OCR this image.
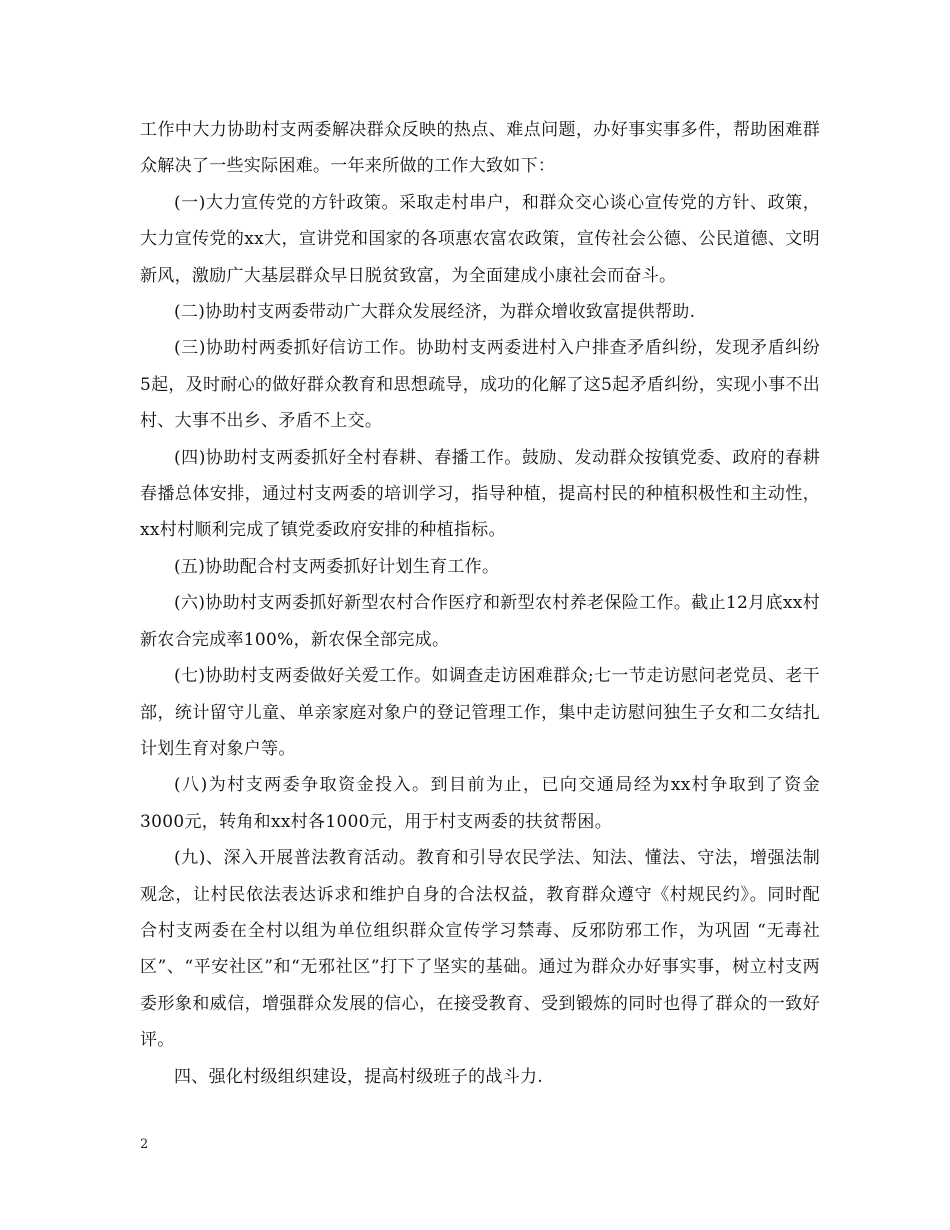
工作中大力协助村支两委解决群众反映的热点、难点问题，办好事实事多件，帮助困难群众解决了一些实际困难。一年来所做的工作大致如下：

(一)大力宣传党的方针政策。采取走村串户，和群众交心谈心宣传党的方针、政策，大力宣传党的xx大，宣讲党和国家的各项惠农富农政策，宣传社会公德、公民道德、文明新风，激励广大基层群众早日脱贫致富，为全面建成小康社会而奋斗。

(二)协助村支两委带动广大群众发展经济，为群众增收致富提供帮助.

(三)协助村两委抓好信访工作。协助村支两委进村入户排查矛盾纠纷，发现矛盾纠纷5起，及时耐心的做好群众教育和思想疏导，成功的化解了这5起矛盾纠纷，实现小事不出村、大事不出乡、矛盾不上交。

(四)协助村支两委抓好全村春耕、春播工作。鼓励、发动群众按镇党委、政府的春耕春播总体安排，通过村支两委的培训学习，指导种植，提高村民的种植积极性和主动性，xx村村顺利完成了镇党委政府安排的种植指标。

(五)协助配合村支两委抓好计划生育工作。

(六)协助村支两委抓好新型农村合作医疗和新型农村养老保险工作。截止12月底xx村新农合完成率100%，新农保全部完成。

(七)协助村支两委做好关爱工作。如调查走访困难群众;七一节走访慰问老党员、老干部，统计留守儿童、单亲家庭对象户的登记管理工作，集中走访慰问独生子女和二女结扎计划生育对象户等。

(八)为村支两委争取资金投入。到目前为止，已向交通局经为xx村争取到了资金3000元，转角和xx村各1000元，用于村支两委的扶贫帮困。

(九)、深入开展普法教育活动。教育和引导农民学法、知法、懂法、守法，增强法制观念，让村民依法表达诉求和维护自身的合法权益，教育群众遵守《村规民约》。同时配合村支两委在全村以组为单位组织群众宣传学习禁毒、反邪防邪工作，为巩固 “无毒社区”、“平安社区”和“无邪社区”打下了坚实的基础。通过为群众办好事实事，树立村支两委形象和威信，增强群众发展的信心，在接受教育、受到锻炼的同时也得了群众的一致好评。

四、强化村级组织建设，提高村级班子的战斗力.

2
